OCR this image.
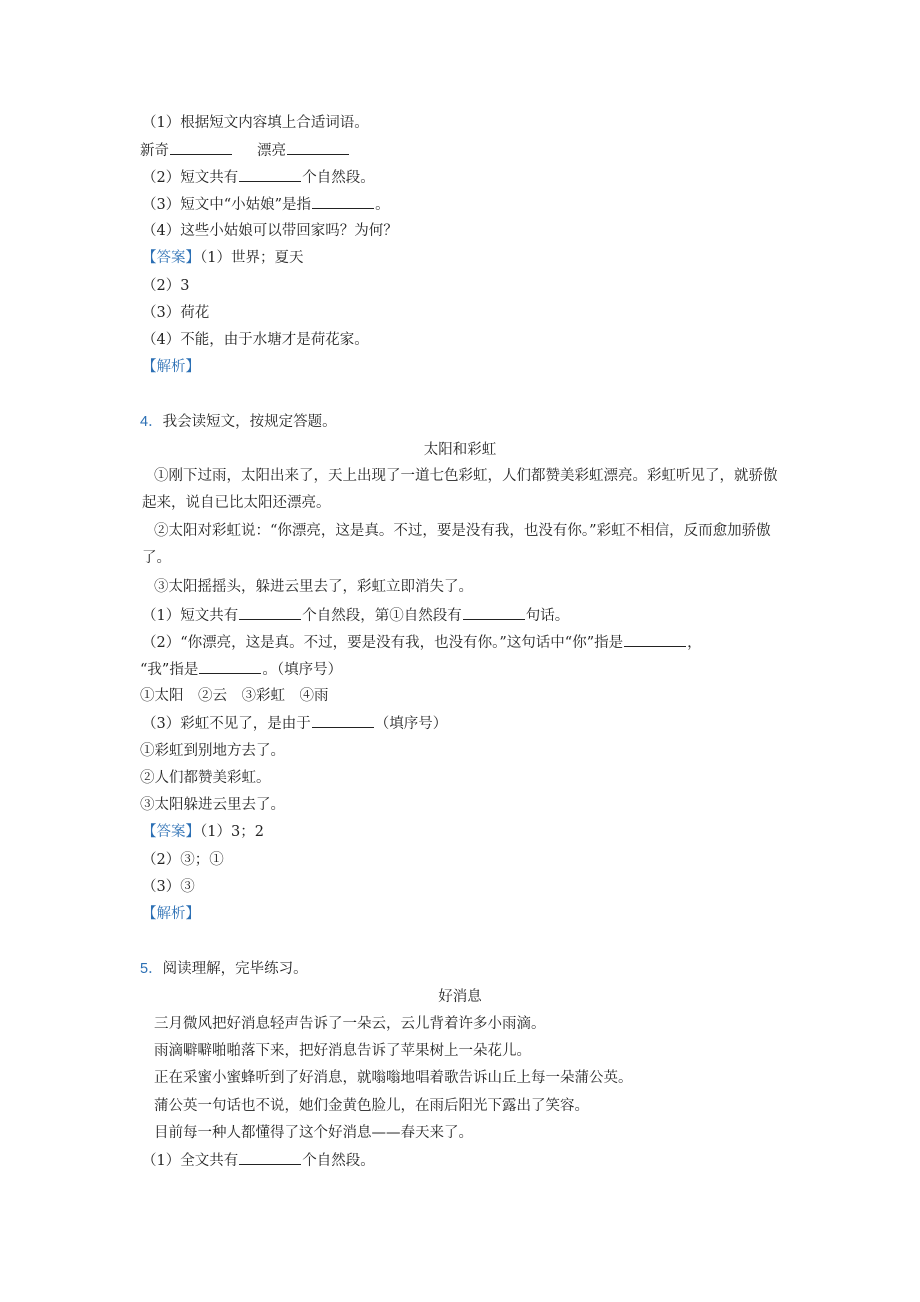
（1）根据短文内容填上合适词语。
新奇	漂亮
（2）短文共有	个自然段。
（3）短文中“小姑娘”是指	。
（4）这些小姑娘可以带回家吗？为何？
【答案】（1）世界；夏天
（2）3
（3）荷花
（4）不能，由于水塘才是荷花家。
【解析】
4．我会读短文，按规定答题。
太阳和彩虹
①刚下过雨，太阳出来了，天上出现了一道七色彩虹，人们都赞美彩虹漂亮。彩虹听见了，就骄傲起来，说自已比太阳还漂亮。
②太阳对彩虹说：“你漂亮，这是真。不过，要是没有我，也没有你。”彩虹不相信，反而愈加骄傲了。
③太阳摇摇头，躲进云里去了，彩虹立即消失了。
（1）短文共有	个自然段，第①自然段有	句话。
（2）“你漂亮，这是真。不过，要是没有我，也没有你。”这句话中“你”指是	，
“我”指是	。（填序号）
①太阳　②云　③彩虹　④雨
（3）彩虹不见了，是由于	（填序号）
①彩虹到别地方去了。
②人们都赞美彩虹。
③太阳躲进云里去了。
【答案】（1）3；2
（2）③；①
（3）③
【解析】
5．阅读理解，完毕练习。
好消息
三月微风把好消息轻声告诉了一朵云，云儿背着许多小雨滴。
雨滴噼噼啪啪落下来，把好消息告诉了苹果树上一朵花儿。
正在采蜜小蜜蜂听到了好消息，就嗡嗡地唱着歌告诉山丘上每一朵蒲公英。
蒲公英一句话也不说，她们金黄色脸儿，在雨后阳光下露出了笑容。
目前每一种人都懂得了这个好消息——春天来了。
（1）全文共有	个自然段。
